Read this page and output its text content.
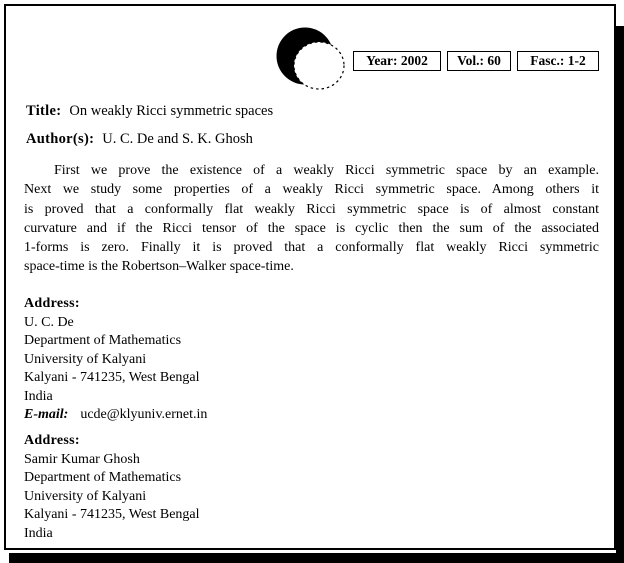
Year: 2002	Vol.: 60	Fasc.: 1-2
Title: On weakly Ricci symmetric spaces
Author(s): U. C. De and S. K. Ghosh
First we prove the existence of a weakly Ricci symmetric space by an example.
Next we study some properties of a weakly Ricci symmetric space. Among others it
is proved that a conformally flat weakly Ricci symmetric space is of almost constant
curvature and if the Ricci tensor of the space is cyclic then the sum of the associated
1-forms is zero. Finally it is proved that a conformally flat weakly Ricci symmetric
space-time is the Robertson–Walker space-time.
Address:
U. C. De
Department of Mathematics
University of Kalyani
Kalyani - 741235, West Bengal
India
E-mail: ucde@klyuniv.ernet.in
Address:
Samir Kumar Ghosh
Department of Mathematics
University of Kalyani
Kalyani - 741235, West Bengal
India
